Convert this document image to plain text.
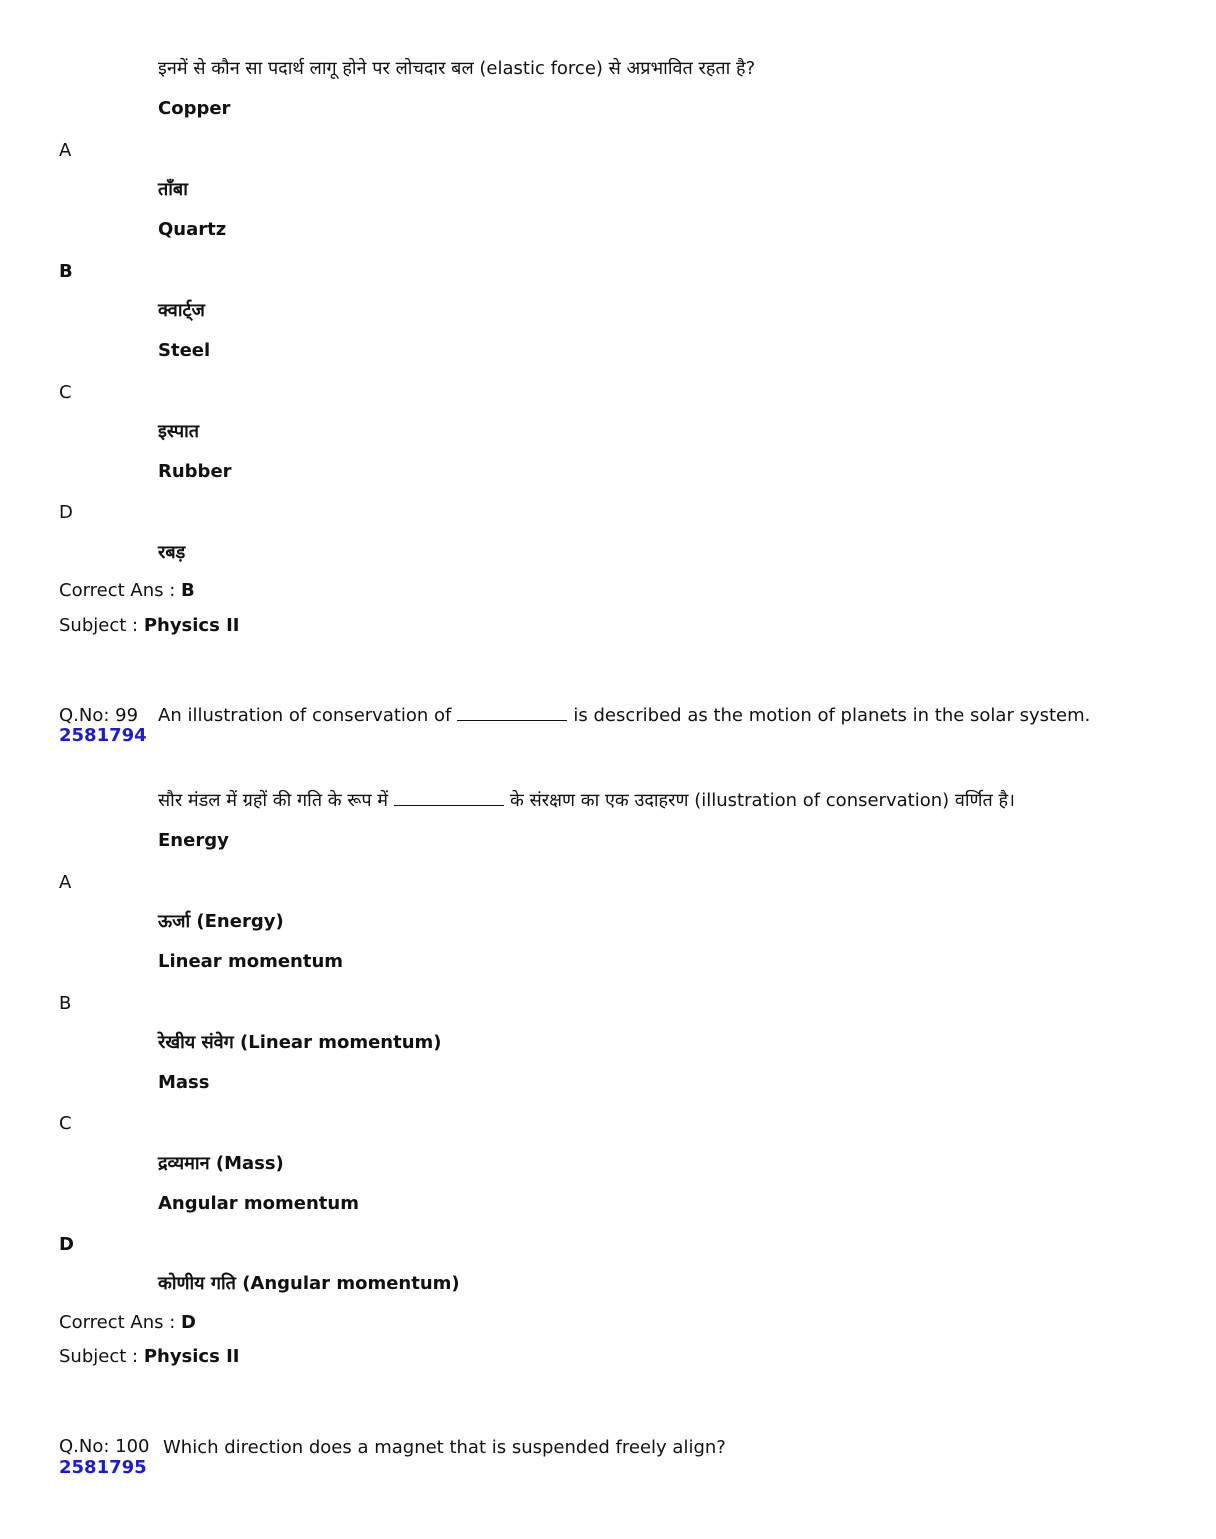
इनमें से कौन सा पदार्थ लागू होने पर लोचदार बल (elastic force) से अप्रभावित रहता है?
Copper
A
ताँबा
Quartz
B
क्वार्ट्ज
Steel
C
इस्पात
Rubber
D
रबड़
Correct Ans : B
Subject : Physics II
Q.No: 99
2581794
An illustration of conservation of	is described as the motion of planets in the solar system.
सौर मंडल में ग्रहों की गति के रूप में	के संरक्षण का एक उदाहरण (illustration of conservation) वर्णित है।
Energy
A
ऊर्जा (Energy)
Linear momentum
B
रेखीय संवेग (Linear momentum)
Mass
C
द्रव्यमान (Mass)
Angular momentum
D
कोणीय गति (Angular momentum)
Correct Ans : D
Subject : Physics II
Q.No: 100
2581795
Which direction does a magnet that is suspended freely align?
